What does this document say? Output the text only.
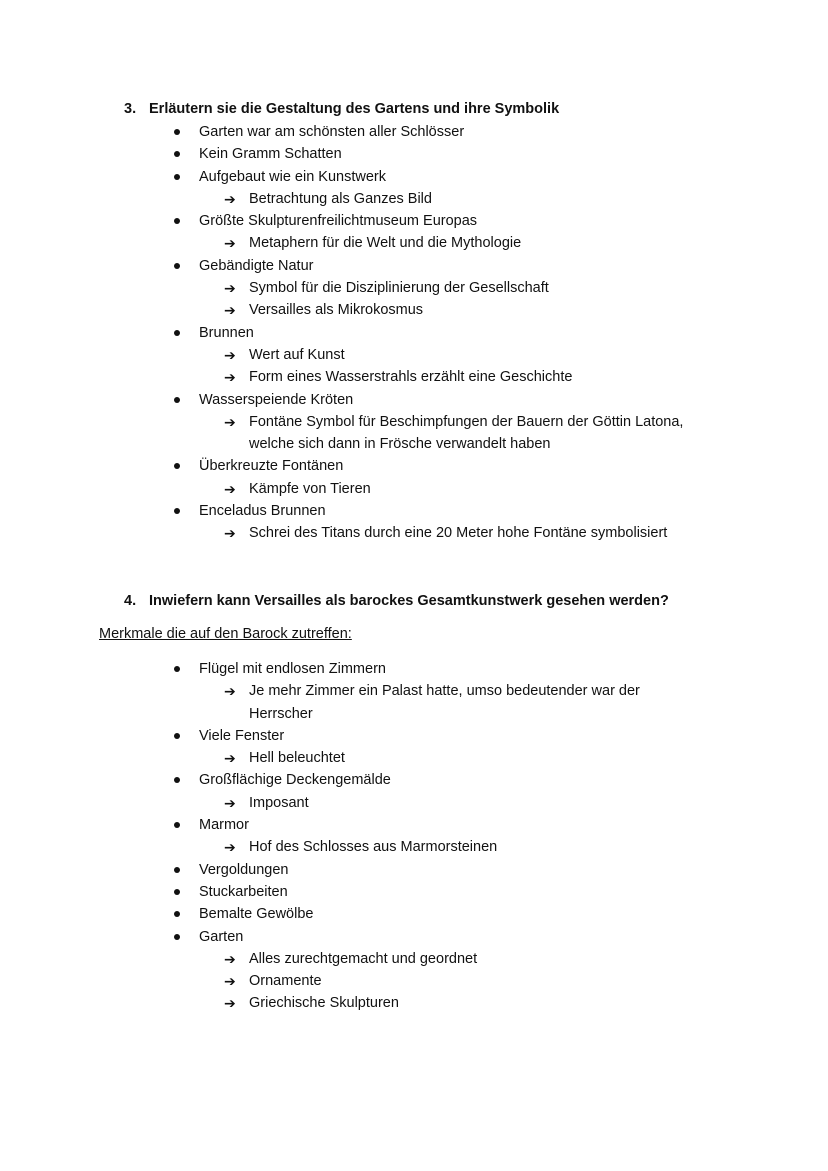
3. Erläutern sie die Gestaltung des Gartens und ihre Symbolik
Garten war am schönsten aller Schlösser
Kein Gramm Schatten
Aufgebaut wie ein Kunstwerk
➔ Betrachtung als Ganzes Bild
Größte Skulpturenfreilichtmuseum Europas
➔ Metaphern für die Welt und die Mythologie
Gebändigte Natur
➔ Symbol für die Disziplinierung der Gesellschaft
➔ Versailles als Mikrokosmus
Brunnen
➔ Wert auf Kunst
➔ Form eines Wasserstrahls erzählt eine Geschichte
Wasserspeiende Kröten
➔ Fontäne Symbol für Beschimpfungen der Bauern der Göttin Latona,
welche sich dann in Frösche verwandelt haben
Überkreuzte Fontänen
➔ Kämpfe von Tieren
Enceladus Brunnen
➔ Schrei des Titans durch eine 20 Meter hohe Fontäne symbolisiert
4. Inwiefern kann Versailles als barockes Gesamtkunstwerk gesehen werden?
Merkmale die auf den Barock zutreffen:
Flügel mit endlosen Zimmern
➔ Je mehr Zimmer ein Palast hatte, umso bedeutender war der
Herrscher
Viele Fenster
➔ Hell beleuchtet
Großflächige Deckengemälde
➔ Imposant
Marmor
➔ Hof des Schlosses aus Marmorsteinen
Vergoldungen
Stuckarbeiten
Bemalte Gewölbe
Garten
➔ Alles zurechtgemacht und geordnet
➔ Ornamente
➔ Griechische Skulpturen
